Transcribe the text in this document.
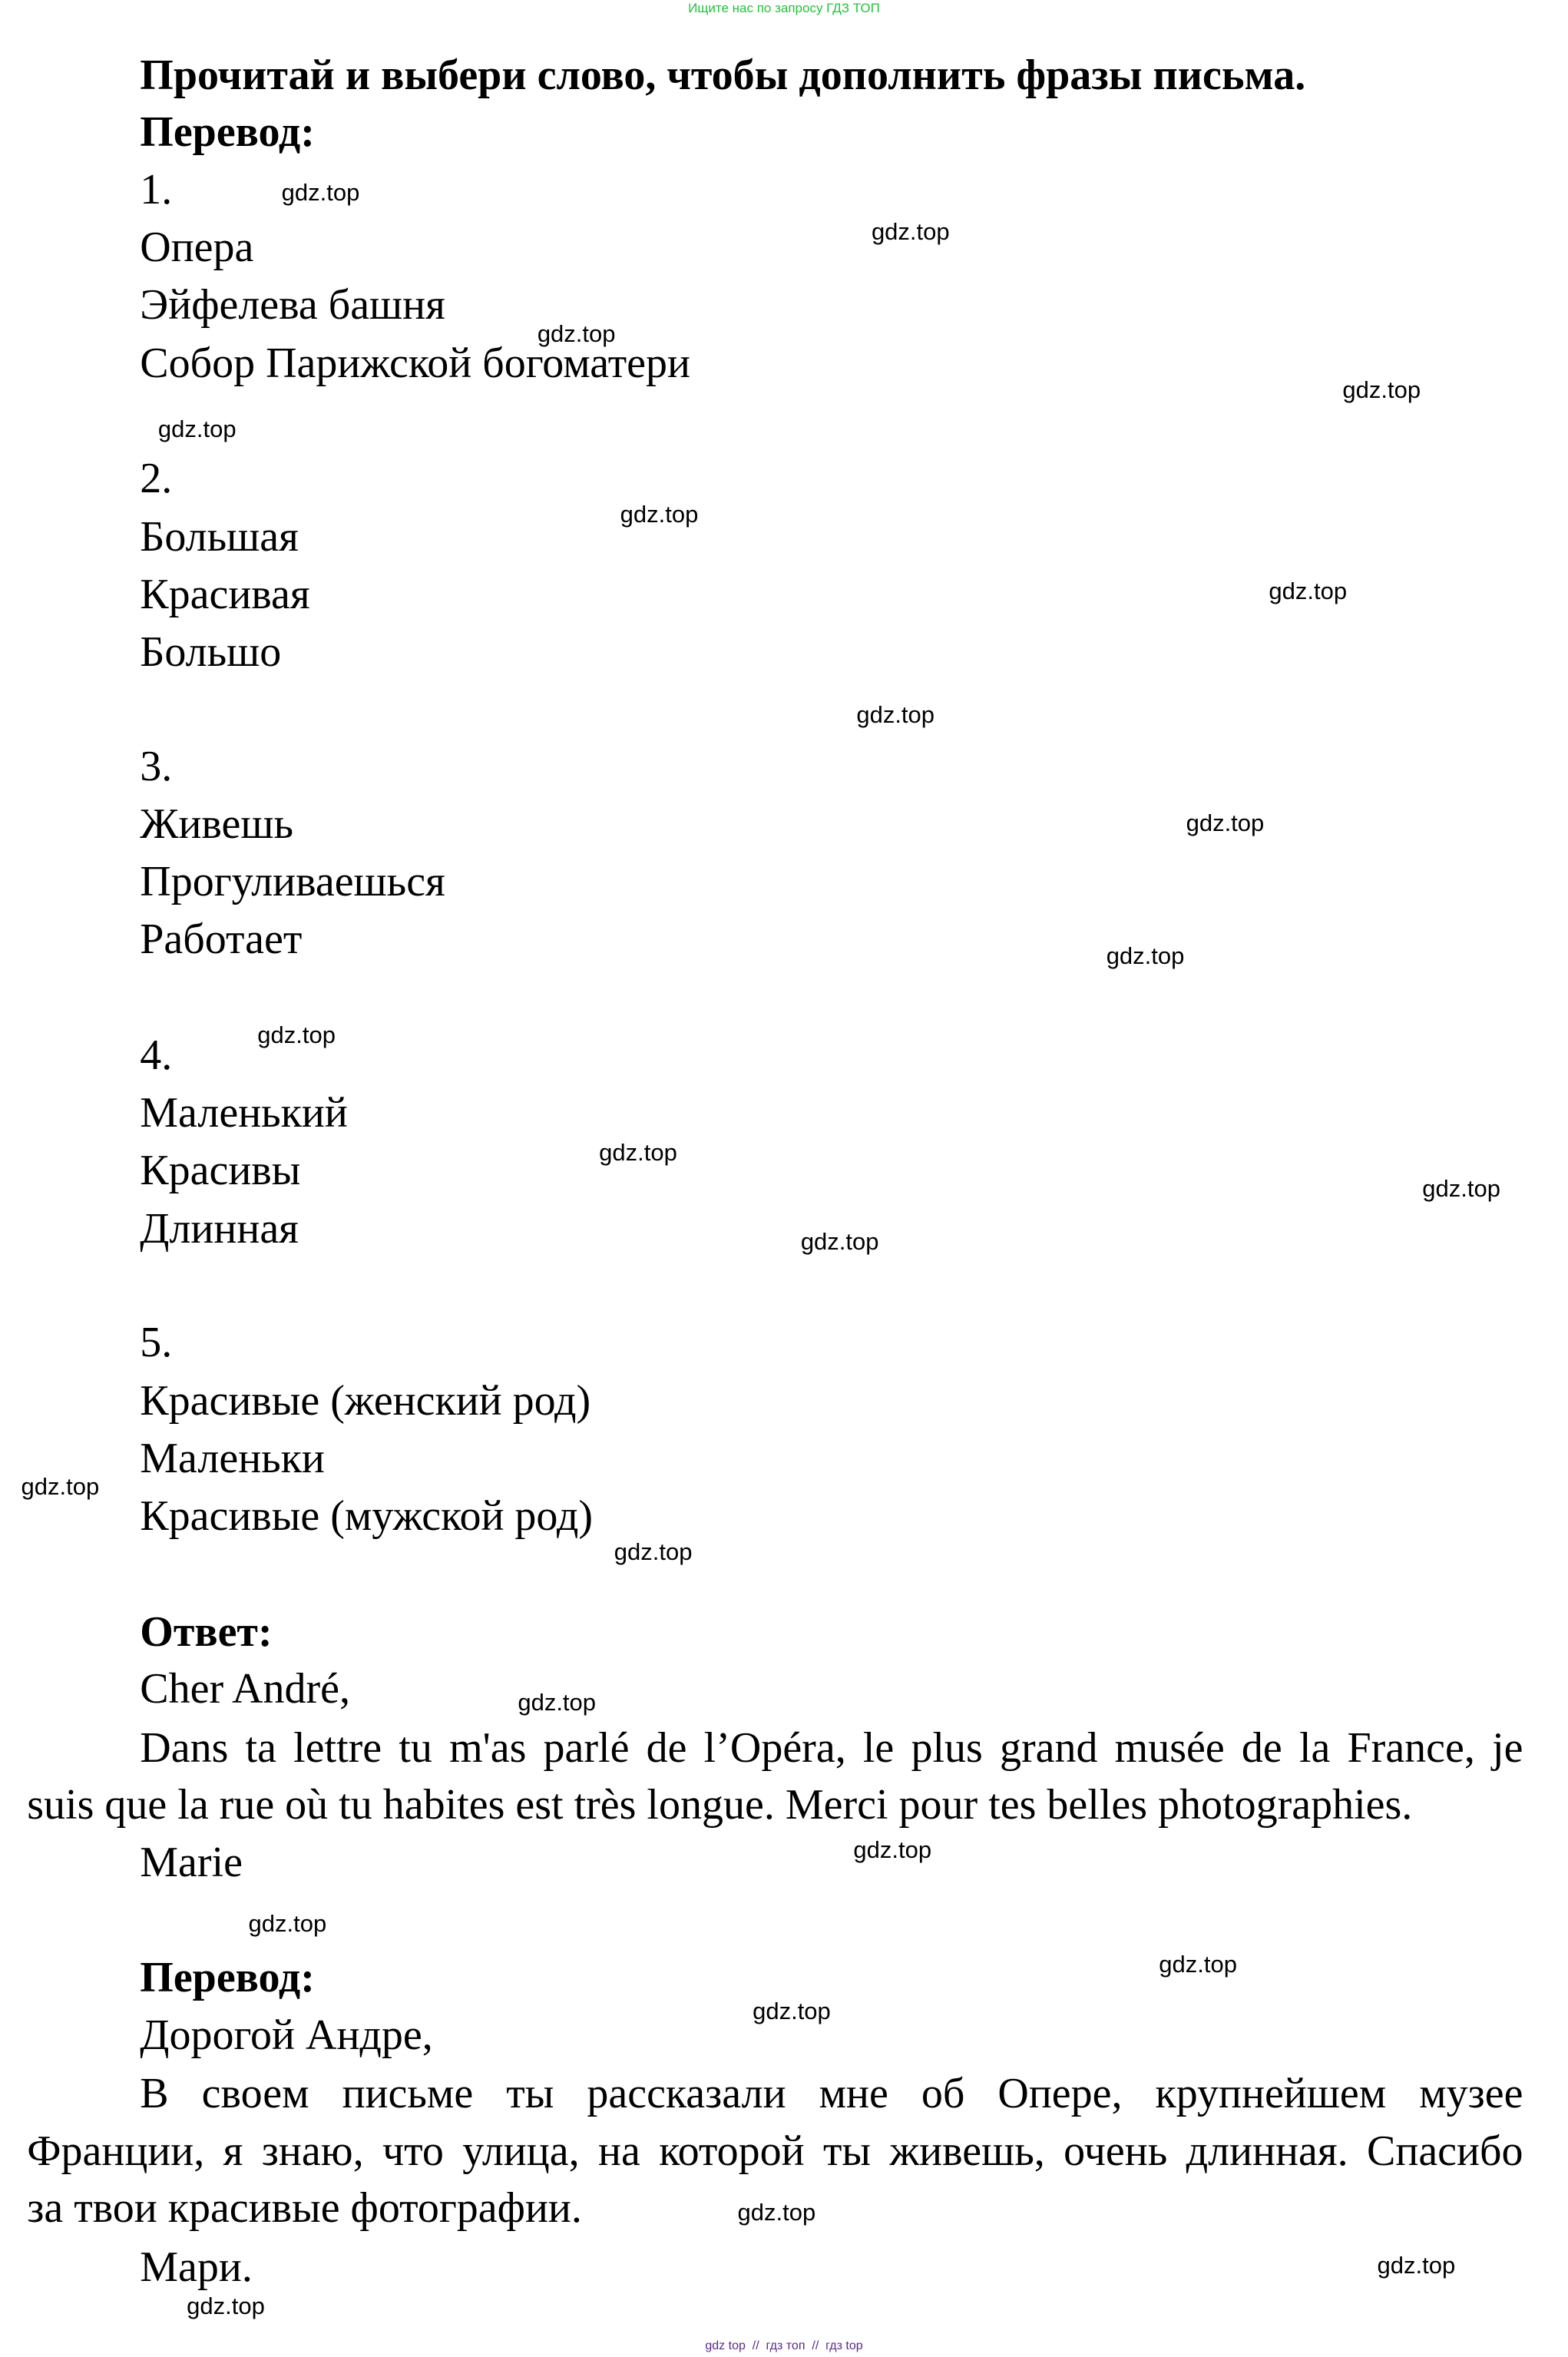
Ищите нас по запросу ГДЗ ТОП
Прочитай и выбери слово, чтобы дополнить фразы письма.
Перевод:
1.
Опера
Эйфелева башня
Собор Парижской богоматери
2.
Большая
Красивая
Большо
3.
Живешь
Прогуливаешься
Работает
4.
Маленький
Красивы
Длинная
5.
Красивые (женский род)
Маленьки
Красивые (мужской род)
Ответ:
Cher André,
Dans ta lettre tu m'as parlé de l’Opéra, le plus grand musée de la France, je
suis que la rue où tu habites est très longue. Merci pour tes belles photographies.
Marie
Перевод:
Дорогой Андре,
В своем письме ты рассказали мне об Опере, крупнейшем музее
Франции, я знаю, что улица, на которой ты живешь, очень длинная. Спасибо
за твои красивые фотографии.
Мари.
gdz.top
gdz.top
gdz.top
gdz.top
gdz.top
gdz.top
gdz.top
gdz.top
gdz.top
gdz.top
gdz.top
gdz.top
gdz.top
gdz.top
gdz.top
gdz.top
gdz.top
gdz.top
gdz.top
gdz.top
gdz.top
gdz.top
gdz.top
gdz.top
gdz top  //  гдз топ  //  гдз top
